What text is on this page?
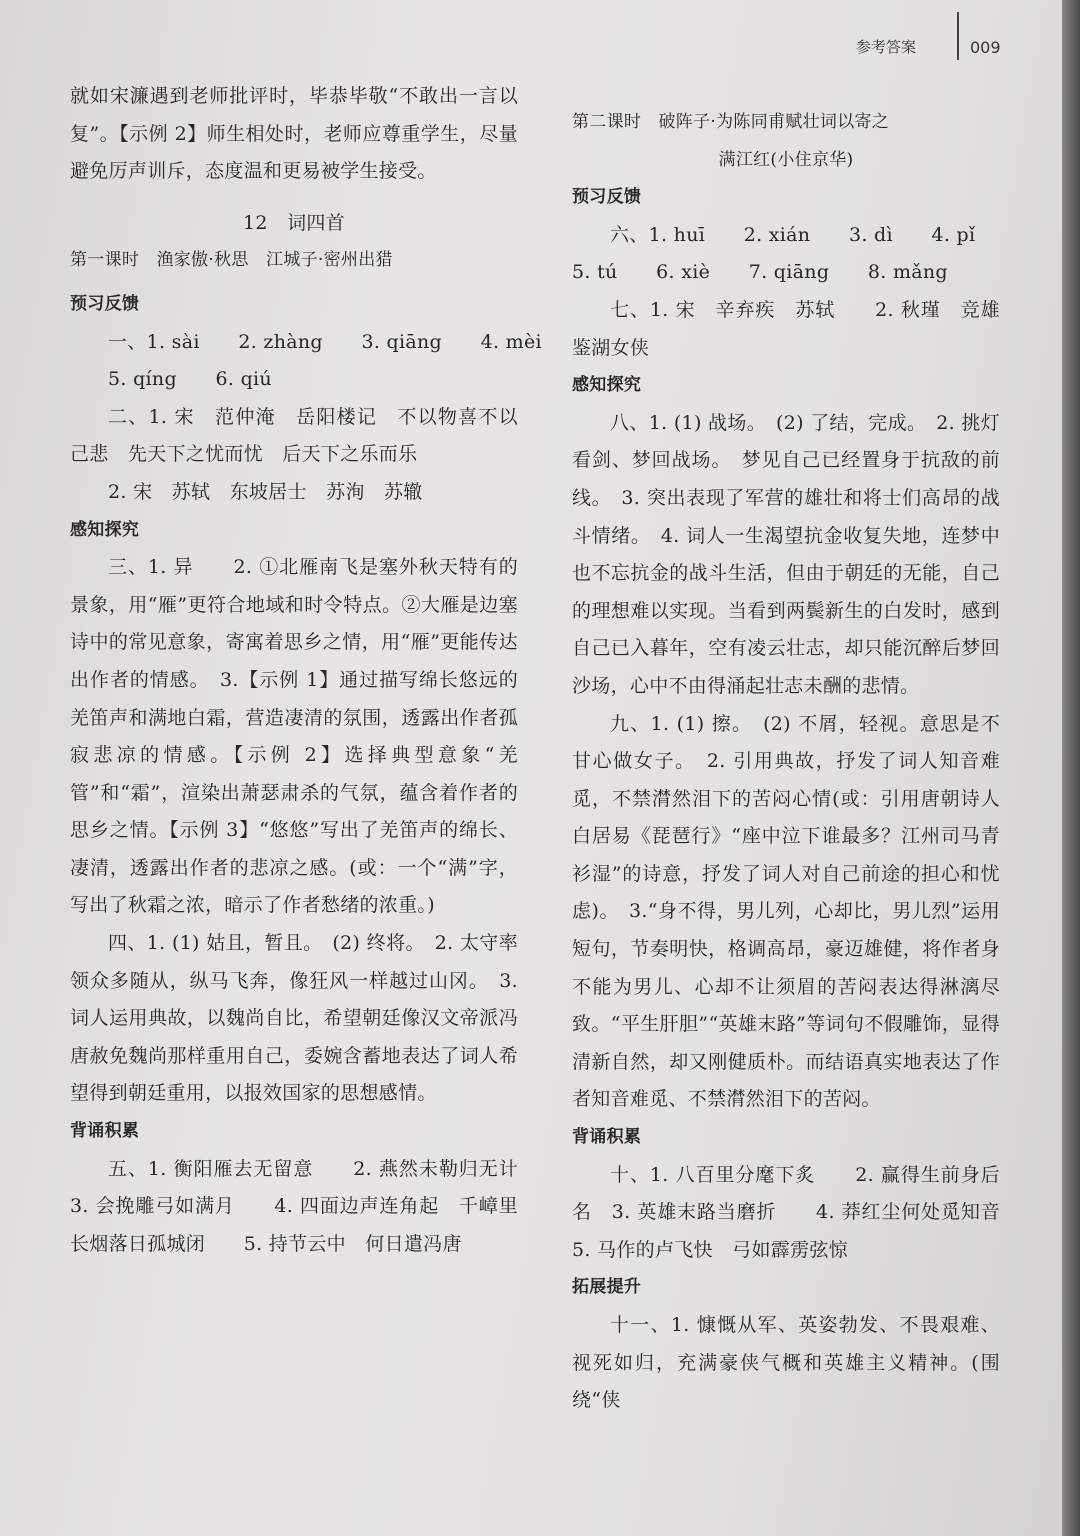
参考答案	009

就如宋濂遇到老师批评时，毕恭毕敬“不敢出一言以复”。【示例 2】师生相处时，老师应尊重学生，尽量避免厉声训斥，态度温和更易被学生接受。

12　词四首

第一课时　渔家傲·秋思　江城子·密州出猎

预习反馈

一、1. sài　　2. zhàng　　3. qiāng　　4. mèi

5. qíng　　6. qiú

二、1. 宋　范仲淹　岳阳楼记　不以物喜不以己悲　先天下之忧而忧　后天下之乐而乐

2. 宋　苏轼　东坡居士　苏洵　苏辙

感知探究

三、1. 异　　2. ①北雁南飞是塞外秋天特有的景象，用“雁”更符合地域和时令特点。②大雁是边塞诗中的常见意象，寄寓着思乡之情，用“雁”更能传达出作者的情感。　3.【示例 1】通过描写绵长悠远的羌笛声和满地白霜，营造凄清的氛围，透露出作者孤寂悲凉的情感。【示例 2】选择典型意象“羌管”和“霜”，渲染出萧瑟肃杀的气氛，蕴含着作者的思乡之情。【示例 3】“悠悠”写出了羌笛声的绵长、凄清，透露出作者的悲凉之感。(或：一个“满”字，写出了秋霜之浓，暗示了作者愁绪的浓重。)

四、1. (1) 姑且，暂且。　(2) 终将。　2. 太守率领众多随从，纵马飞奔，像狂风一样越过山冈。　3. 词人运用典故，以魏尚自比，希望朝廷像汉文帝派冯唐赦免魏尚那样重用自己，委婉含蓄地表达了词人希望得到朝廷重用，以报效国家的思想感情。

背诵积累

五、1. 衡阳雁去无留意　　2. 燕然未勒归无计　3. 会挽雕弓如满月　　4. 四面边声连角起　千嶂里　长烟落日孤城闭　　5. 持节云中　何日遣冯唐

第二课时　破阵子·为陈同甫赋壮词以寄之

满江红(小住京华)

预习反馈

六、1. huī　　2. xián　　3. dì　　4. pǐ

5. tú　　6. xiè　　7. qiāng　　8. mǎng

七、1. 宋　辛弃疾　苏轼　　2. 秋瑾　竞雄　鉴湖女侠

感知探究

八、1. (1) 战场。　(2) 了结，完成。　2. 挑灯看剑、梦回战场。　梦见自己已经置身于抗敌的前线。　3. 突出表现了军营的雄壮和将士们高昂的战斗情绪。　4. 词人一生渴望抗金收复失地，连梦中也不忘抗金的战斗生活，但由于朝廷的无能，自己的理想难以实现。当看到两鬓新生的白发时，感到自己已入暮年，空有凌云壮志，却只能沉醉后梦回沙场，心中不由得涌起壮志未酬的悲情。

九、1. (1) 擦。　(2) 不屑，轻视。意思是不甘心做女子。　2. 引用典故，抒发了词人知音难觅，不禁潸然泪下的苦闷心情(或：引用唐朝诗人白居易《琵琶行》“座中泣下谁最多？江州司马青衫湿”的诗意，抒发了词人对自己前途的担心和忧虑)。　3.“身不得，男儿列，心却比，男儿烈”运用短句，节奏明快，格调高昂，豪迈雄健，将作者身不能为男儿、心却不让须眉的苦闷表达得淋漓尽致。“平生肝胆”“英雄末路”等词句不假雕饰，显得清新自然，却又刚健质朴。而结语真实地表达了作者知音难觅、不禁潸然泪下的苦闷。

背诵积累

十、1. 八百里分麾下炙　　2. 赢得生前身后名　3. 英雄末路当磨折　　4. 莽红尘何处觅知音　5. 马作的卢飞快　弓如霹雳弦惊

拓展提升

十一、1. 慷慨从军、英姿勃发、不畏艰难、视死如归，充满豪侠气概和英雄主义精神。(围绕“侠
